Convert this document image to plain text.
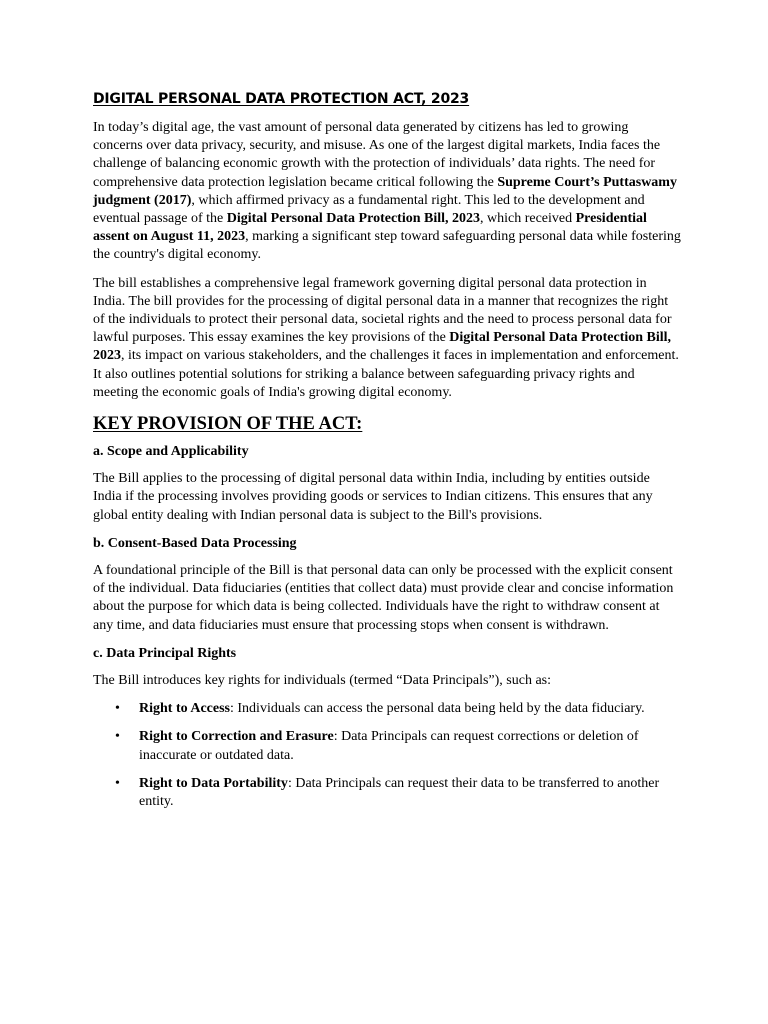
DIGITAL PERSONAL DATA PROTECTION ACT, 2023

In today’s digital age, the vast amount of personal data generated by citizens has led to growing concerns over data privacy, security, and misuse. As one of the largest digital markets, India faces the challenge of balancing economic growth with the protection of individuals’ data rights. The need for comprehensive data protection legislation became critical following the Supreme Court’s Puttaswamy judgment (2017), which affirmed privacy as a fundamental right. This led to the development and eventual passage of the Digital Personal Data Protection Bill, 2023, which received Presidential assent on August 11, 2023, marking a significant step toward safeguarding personal data while fostering the country's digital economy.

The bill establishes a comprehensive legal framework governing digital personal data protection in India. The bill provides for the processing of digital personal data in a manner that recognizes the right of the individuals to protect their personal data, societal rights and the need to process personal data for lawful purposes. This essay examines the key provisions of the Digital Personal Data Protection Bill, 2023, its impact on various stakeholders, and the challenges it faces in implementation and enforcement. It also outlines potential solutions for striking a balance between safeguarding privacy rights and meeting the economic goals of India's growing digital economy.

KEY PROVISION OF THE ACT:
a. Scope and Applicability

The Bill applies to the processing of digital personal data within India, including by entities outside India if the processing involves providing goods or services to Indian citizens. This ensures that any global entity dealing with Indian personal data is subject to the Bill's provisions.

b. Consent-Based Data Processing

A foundational principle of the Bill is that personal data can only be processed with the explicit consent of the individual. Data fiduciaries (entities that collect data) must provide clear and concise information about the purpose for which data is being collected. Individuals have the right to withdraw consent at any time, and data fiduciaries must ensure that processing stops when consent is withdrawn.

c. Data Principal Rights

The Bill introduces key rights for individuals (termed “Data Principals”), such as:

• Right to Access: Individuals can access the personal data being held by the data fiduciary.
• Right to Correction and Erasure: Data Principals can request corrections or deletion of inaccurate or outdated data.
• Right to Data Portability: Data Principals can request their data to be transferred to another entity.
